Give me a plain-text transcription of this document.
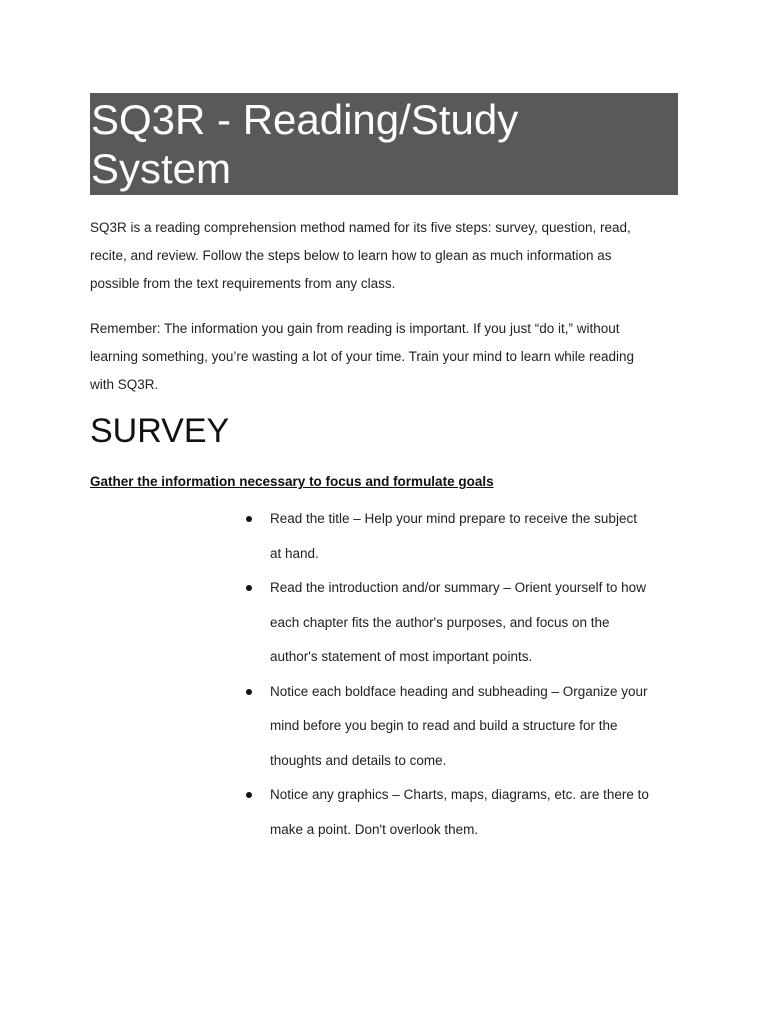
SQ3R - Reading/Study
System

SQ3R is a reading comprehension method named for its five steps: survey, question, read,
recite, and review. Follow the steps below to learn how to glean as much information as
possible from the text requirements from any class.

Remember: The information you gain from reading is important. If you just “do it,” without
learning something, you’re wasting a lot of your time. Train your mind to learn while reading
with SQ3R.

SURVEY
Gather the information necessary to focus and formulate goals
Read the title – Help your mind prepare to receive the subject
at hand.
Read the introduction and/or summary – Orient yourself to how
each chapter fits the author's purposes, and focus on the
author's statement of most important points.
Notice each boldface heading and subheading – Organize your
mind before you begin to read and build a structure for the
thoughts and details to come.
Notice any graphics – Charts, maps, diagrams, etc. are there to
make a point. Don't overlook them.
